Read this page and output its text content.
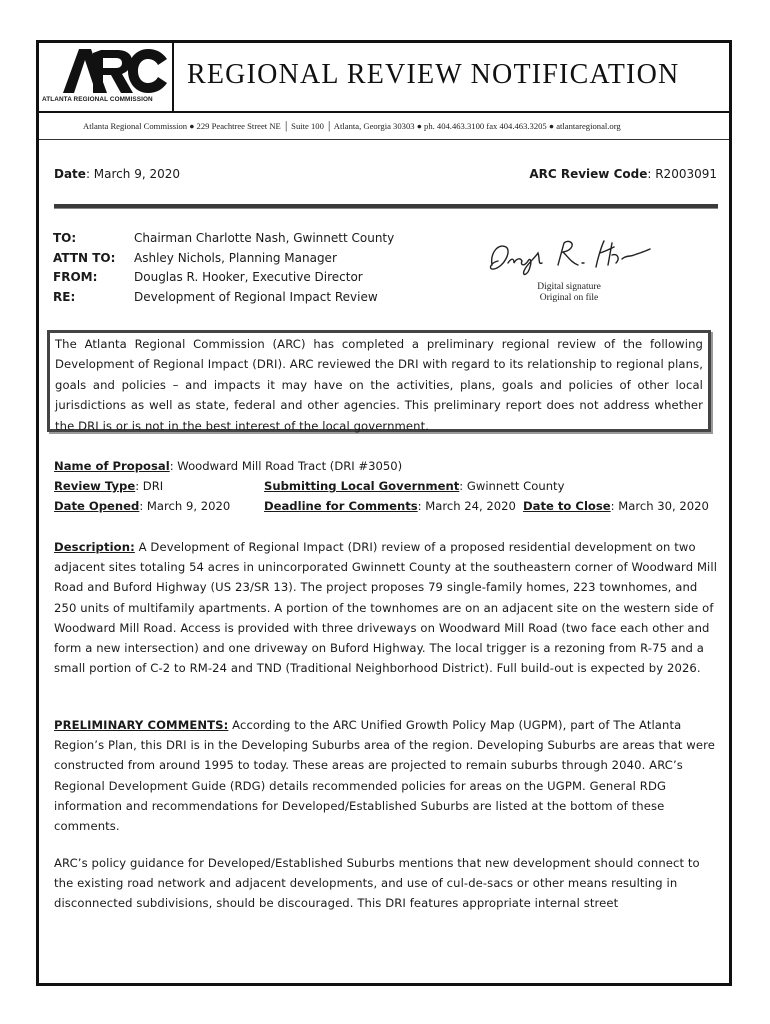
ATLANTA REGIONAL COMMISSION
REGIONAL REVIEW NOTIFICATION
Atlanta Regional Commission ● 229 Peachtree Street NE │ Suite 100 │ Atlanta, Georgia 30303 ● ph. 404.463.3100 fax 404.463.3205 ● atlantaregional.org
Date: March 9, 2020	ARC Review Code: R2003091
TO:	Chairman Charlotte Nash, Gwinnett County
ATTN TO:	Ashley Nichols, Planning Manager
FROM:	Douglas R. Hooker, Executive Director
RE:	Development of Regional Impact Review
Digital signature
Original on file
The Atlanta Regional Commission (ARC) has completed a preliminary regional review of the following Development of Regional Impact (DRI). ARC reviewed the DRI with regard to its relationship to regional plans, goals and policies – and impacts it may have on the activities, plans, goals and policies of other local jurisdictions as well as state, federal and other agencies. This preliminary report does not address whether the DRI is or is not in the best interest of the local government.
Name of Proposal: Woodward Mill Road Tract (DRI #3050)
Review Type: DRI	Submitting Local Government: Gwinnett County
Date Opened: March 9, 2020	Deadline for Comments: March 24, 2020 Date to Close: March 30, 2020
Description: A Development of Regional Impact (DRI) review of a proposed residential development on two adjacent sites totaling 54 acres in unincorporated Gwinnett County at the southeastern corner of Woodward Mill Road and Buford Highway (US 23/SR 13). The project proposes 79 single-family homes, 223 townhomes, and 250 units of multifamily apartments. A portion of the townhomes are on an adjacent site on the western side of Woodward Mill Road. Access is provided with three driveways on Woodward Mill Road (two face each other and form a new intersection) and one driveway on Buford Highway. The local trigger is a rezoning from R-75 and a small portion of C-2 to RM-24 and TND (Traditional Neighborhood District). Full build-out is expected by 2026.
PRELIMINARY COMMENTS: According to the ARC Unified Growth Policy Map (UGPM), part of The Atlanta Region’s Plan, this DRI is in the Developing Suburbs area of the region. Developing Suburbs are areas that were constructed from around 1995 to today. These areas are projected to remain suburbs through 2040. ARC’s Regional Development Guide (RDG) details recommended policies for areas on the UGPM. General RDG information and recommendations for Developed/Established Suburbs are listed at the bottom of these comments.
ARC’s policy guidance for Developed/Established Suburbs mentions that new development should connect to the existing road network and adjacent developments, and use of cul-de-sacs or other means resulting in disconnected subdivisions, should be discouraged. This DRI features appropriate internal street
